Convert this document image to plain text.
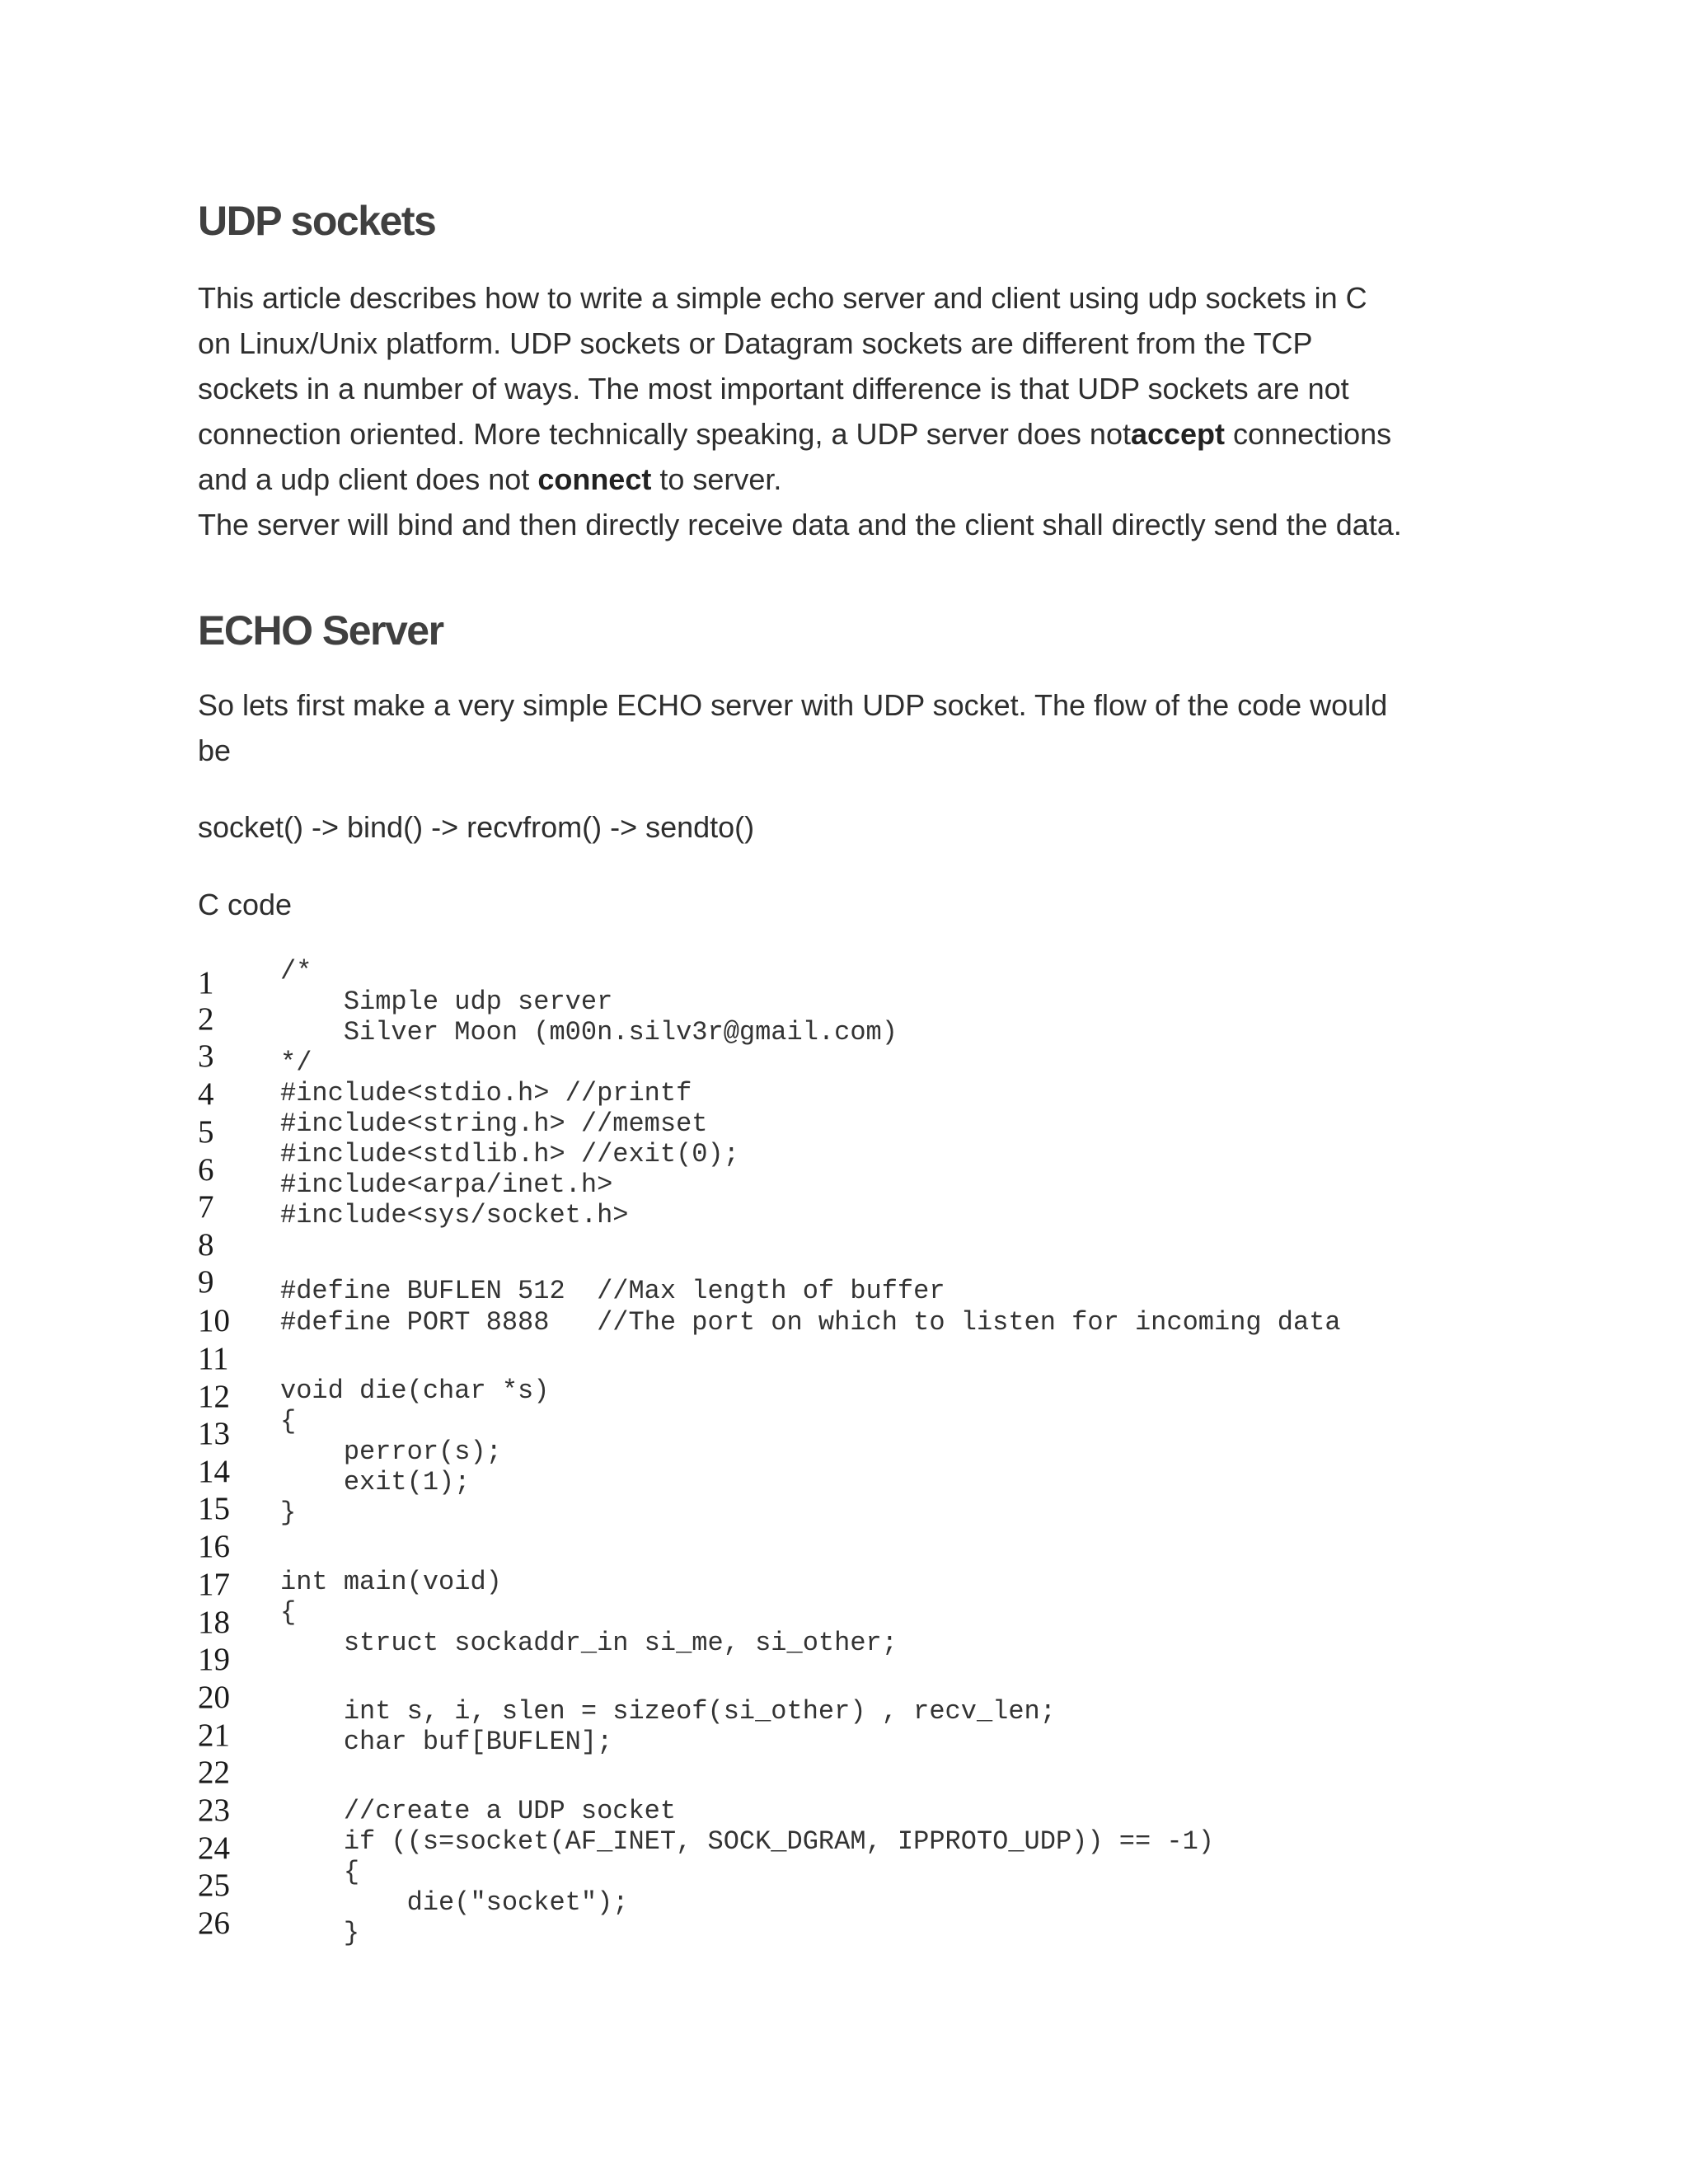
UDP sockets
This article describes how to write a simple echo server and client using udp sockets in C
on Linux/Unix platform. UDP sockets or Datagram sockets are different from the TCP
sockets in a number of ways. The most important difference is that UDP sockets are not
connection oriented. More technically speaking, a UDP server does notaccept connections
and a udp client does not connect to server.
The server will bind and then directly receive data and the client shall directly send the data.
ECHO Server
So lets first make a very simple ECHO server with UDP socket. The flow of the code would
be
socket() -> bind() -> recvfrom() -> sendto()
C code
1
2
3
4
5
6
7
8
9
10
11
12
13
14
15
16
17
18
19
20
21
22
23
24
25
26
/*
Simple udp server
Silver Moon (m00n.silv3r@gmail.com)
*/
#include<stdio.h> //printf
#include<string.h> //memset
#include<stdlib.h> //exit(0);
#include<arpa/inet.h>
#include<sys/socket.h>
#define BUFLEN 512  //Max length of buffer
#define PORT 8888   //The port on which to listen for incoming data
void die(char *s)
{
perror(s);
exit(1);
}
int main(void)
{
struct sockaddr_in si_me, si_other;
int s, i, slen = sizeof(si_other) , recv_len;
char buf[BUFLEN];
//create a UDP socket
if ((s=socket(AF_INET, SOCK_DGRAM, IPPROTO_UDP)) == -1)
{
die("socket");
}
